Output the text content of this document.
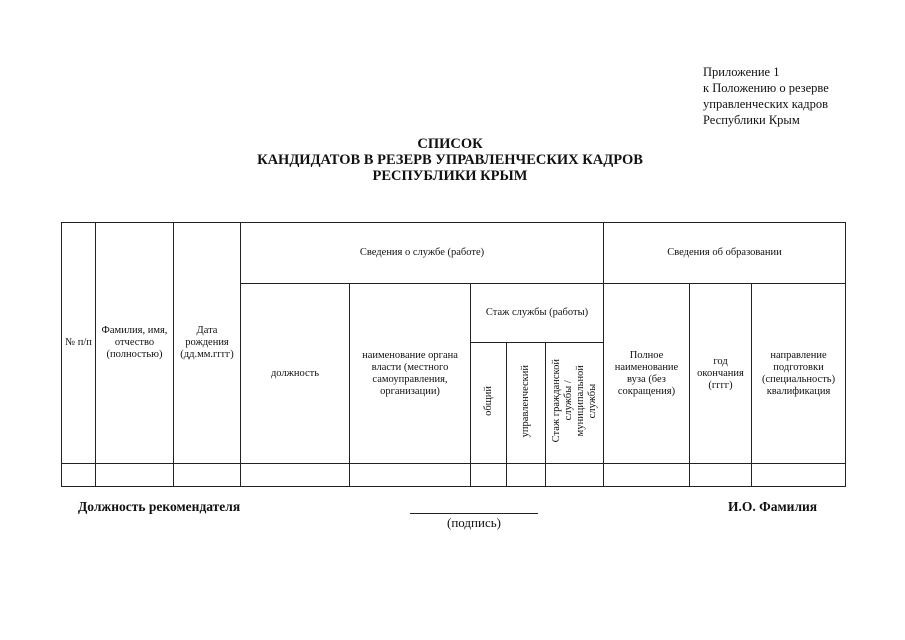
Приложение 1
к Положению о резерве
управленческих кадров
Республики Крым
СПИСОК
КАНДИДАТОВ В РЕЗЕРВ УПРАВЛЕНЧЕСКИХ КАДРОВ
РЕСПУБЛИКИ КРЫМ
№ п/п	Фамилия, имя, отчество (полностью)	Дата рождения (дд.мм.гггг)	Сведения о службе (работе)					Сведения об образовании		
			должность	наименование органа власти (местного самоуправления, организации)	Стаж службы (работы)			Полное наименование вуза (без сокращения)	год окончания (гггг)	направление подготовки (специальность) квалификация
					общий	управленческий	Стаж гражданской
службы /
муниципальной
службы			

Должность рекомендателя
(подпись)
И.О. Фамилия
